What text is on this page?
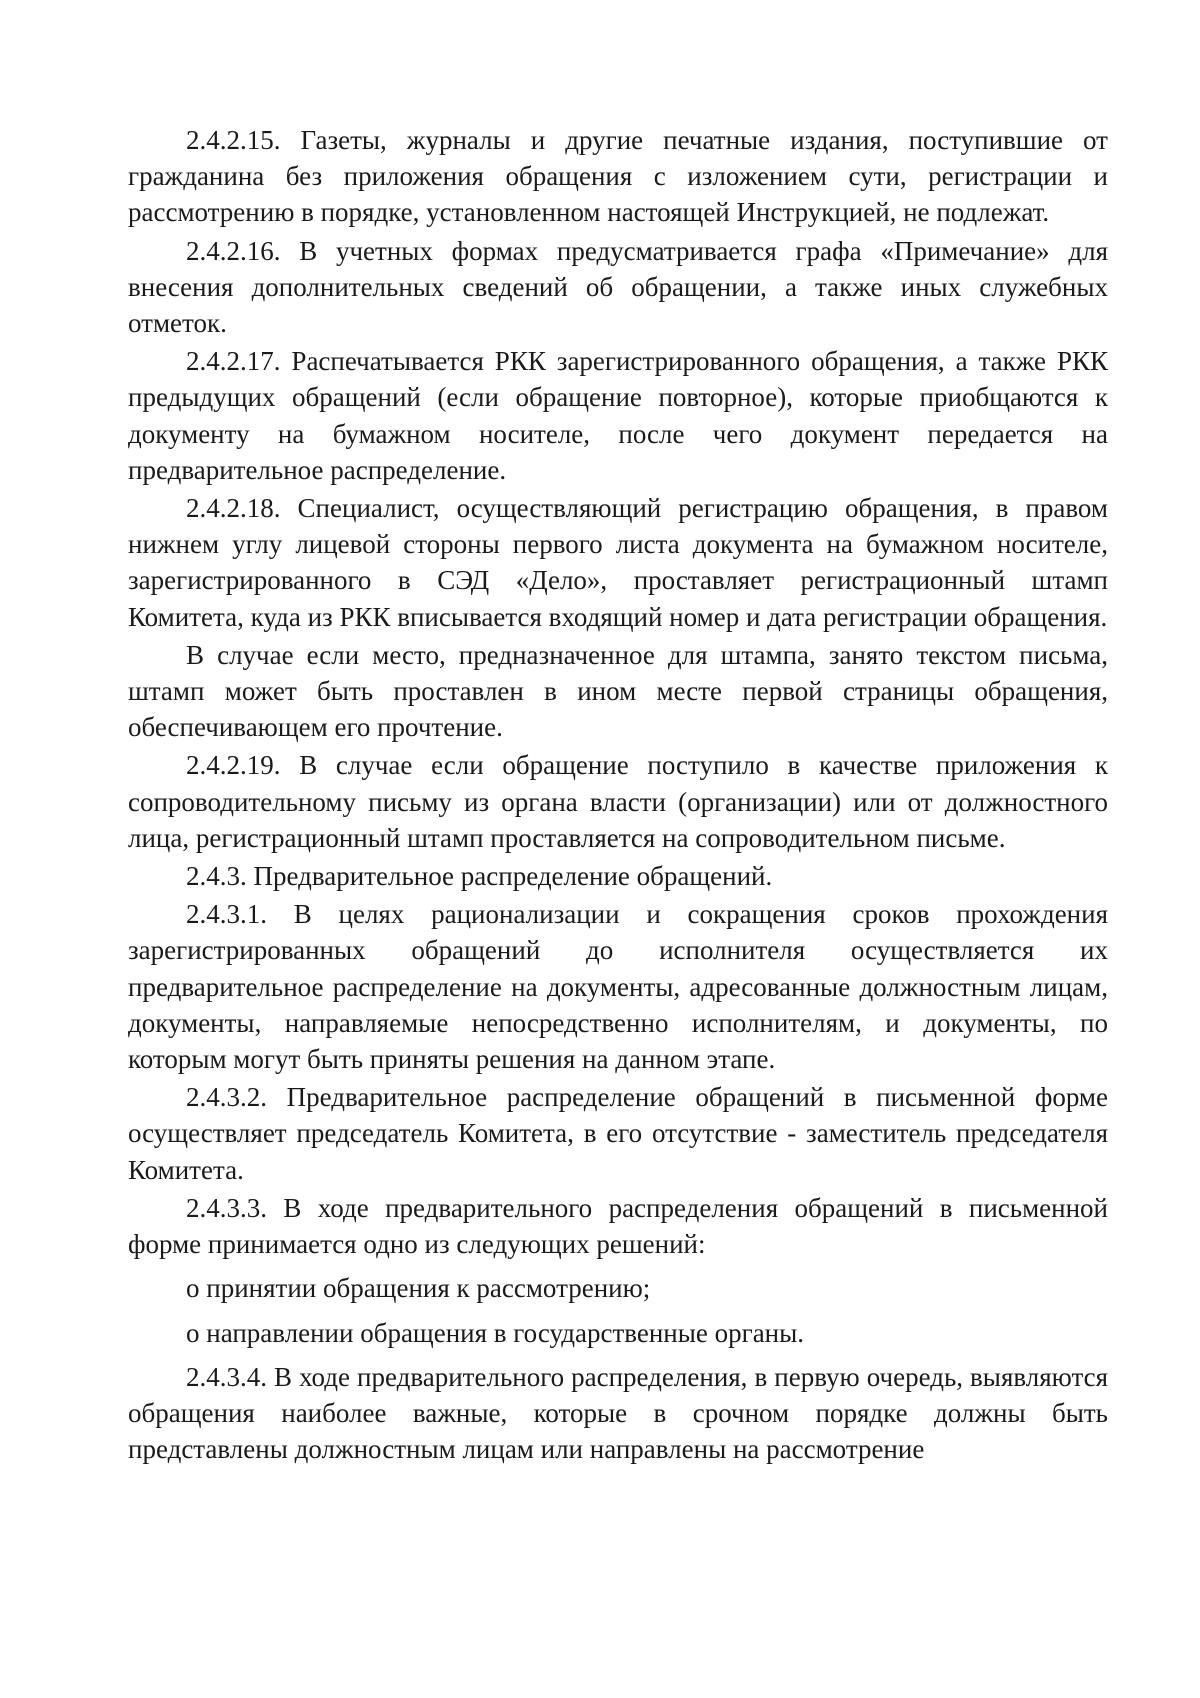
2.4.2.15. Газеты, журналы и другие печатные издания, поступившие от гражданина без приложения обращения с изложением сути, регистрации и рассмотрению в порядке, установленном настоящей Инструкцией, не подлежат.

2.4.2.16. В учетных формах предусматривается графа «Примечание» для внесения дополнительных сведений об обращении, а также иных служебных отметок.

2.4.2.17. Распечатывается РКК зарегистрированного обращения, а также РКК предыдущих обращений (если обращение повторное), которые приобщаются к документу на бумажном носителе, после чего документ передается на предварительное распределение.

2.4.2.18. Специалист, осуществляющий регистрацию обращения, в правом нижнем углу лицевой стороны первого листа документа на бумажном носителе, зарегистрированного в СЭД «Дело», проставляет регистрационный штамп Комитета, куда из РКК вписывается входящий номер и дата регистрации обращения.

В случае если место, предназначенное для штампа, занято текстом письма, штамп может быть проставлен в ином месте первой страницы обращения, обеспечивающем его прочтение.

2.4.2.19. В случае если обращение поступило в качестве приложения к сопроводительному письму из органа власти (организации) или от должностного лица, регистрационный штамп проставляется на сопроводительном письме.

2.4.3. Предварительное распределение обращений.

2.4.3.1. В целях рационализации и сокращения сроков прохождения зарегистрированных обращений до исполнителя осуществляется их предварительное распределение на документы, адресованные должностным лицам, документы, направляемые непосредственно исполнителям, и документы, по которым могут быть приняты решения на данном этапе.

2.4.3.2. Предварительное распределение обращений в письменной форме осуществляет председатель Комитета, в его отсутствие - заместитель председателя Комитета.

2.4.3.3. В ходе предварительного распределения обращений в письменной форме принимается одно из следующих решений:

о принятии обращения к рассмотрению;

о направлении обращения в государственные органы.

2.4.3.4. В ходе предварительного распределения, в первую очередь, выявляются обращения наиболее важные, которые в срочном порядке должны быть представлены должностным лицам или направлены на рассмотрение
